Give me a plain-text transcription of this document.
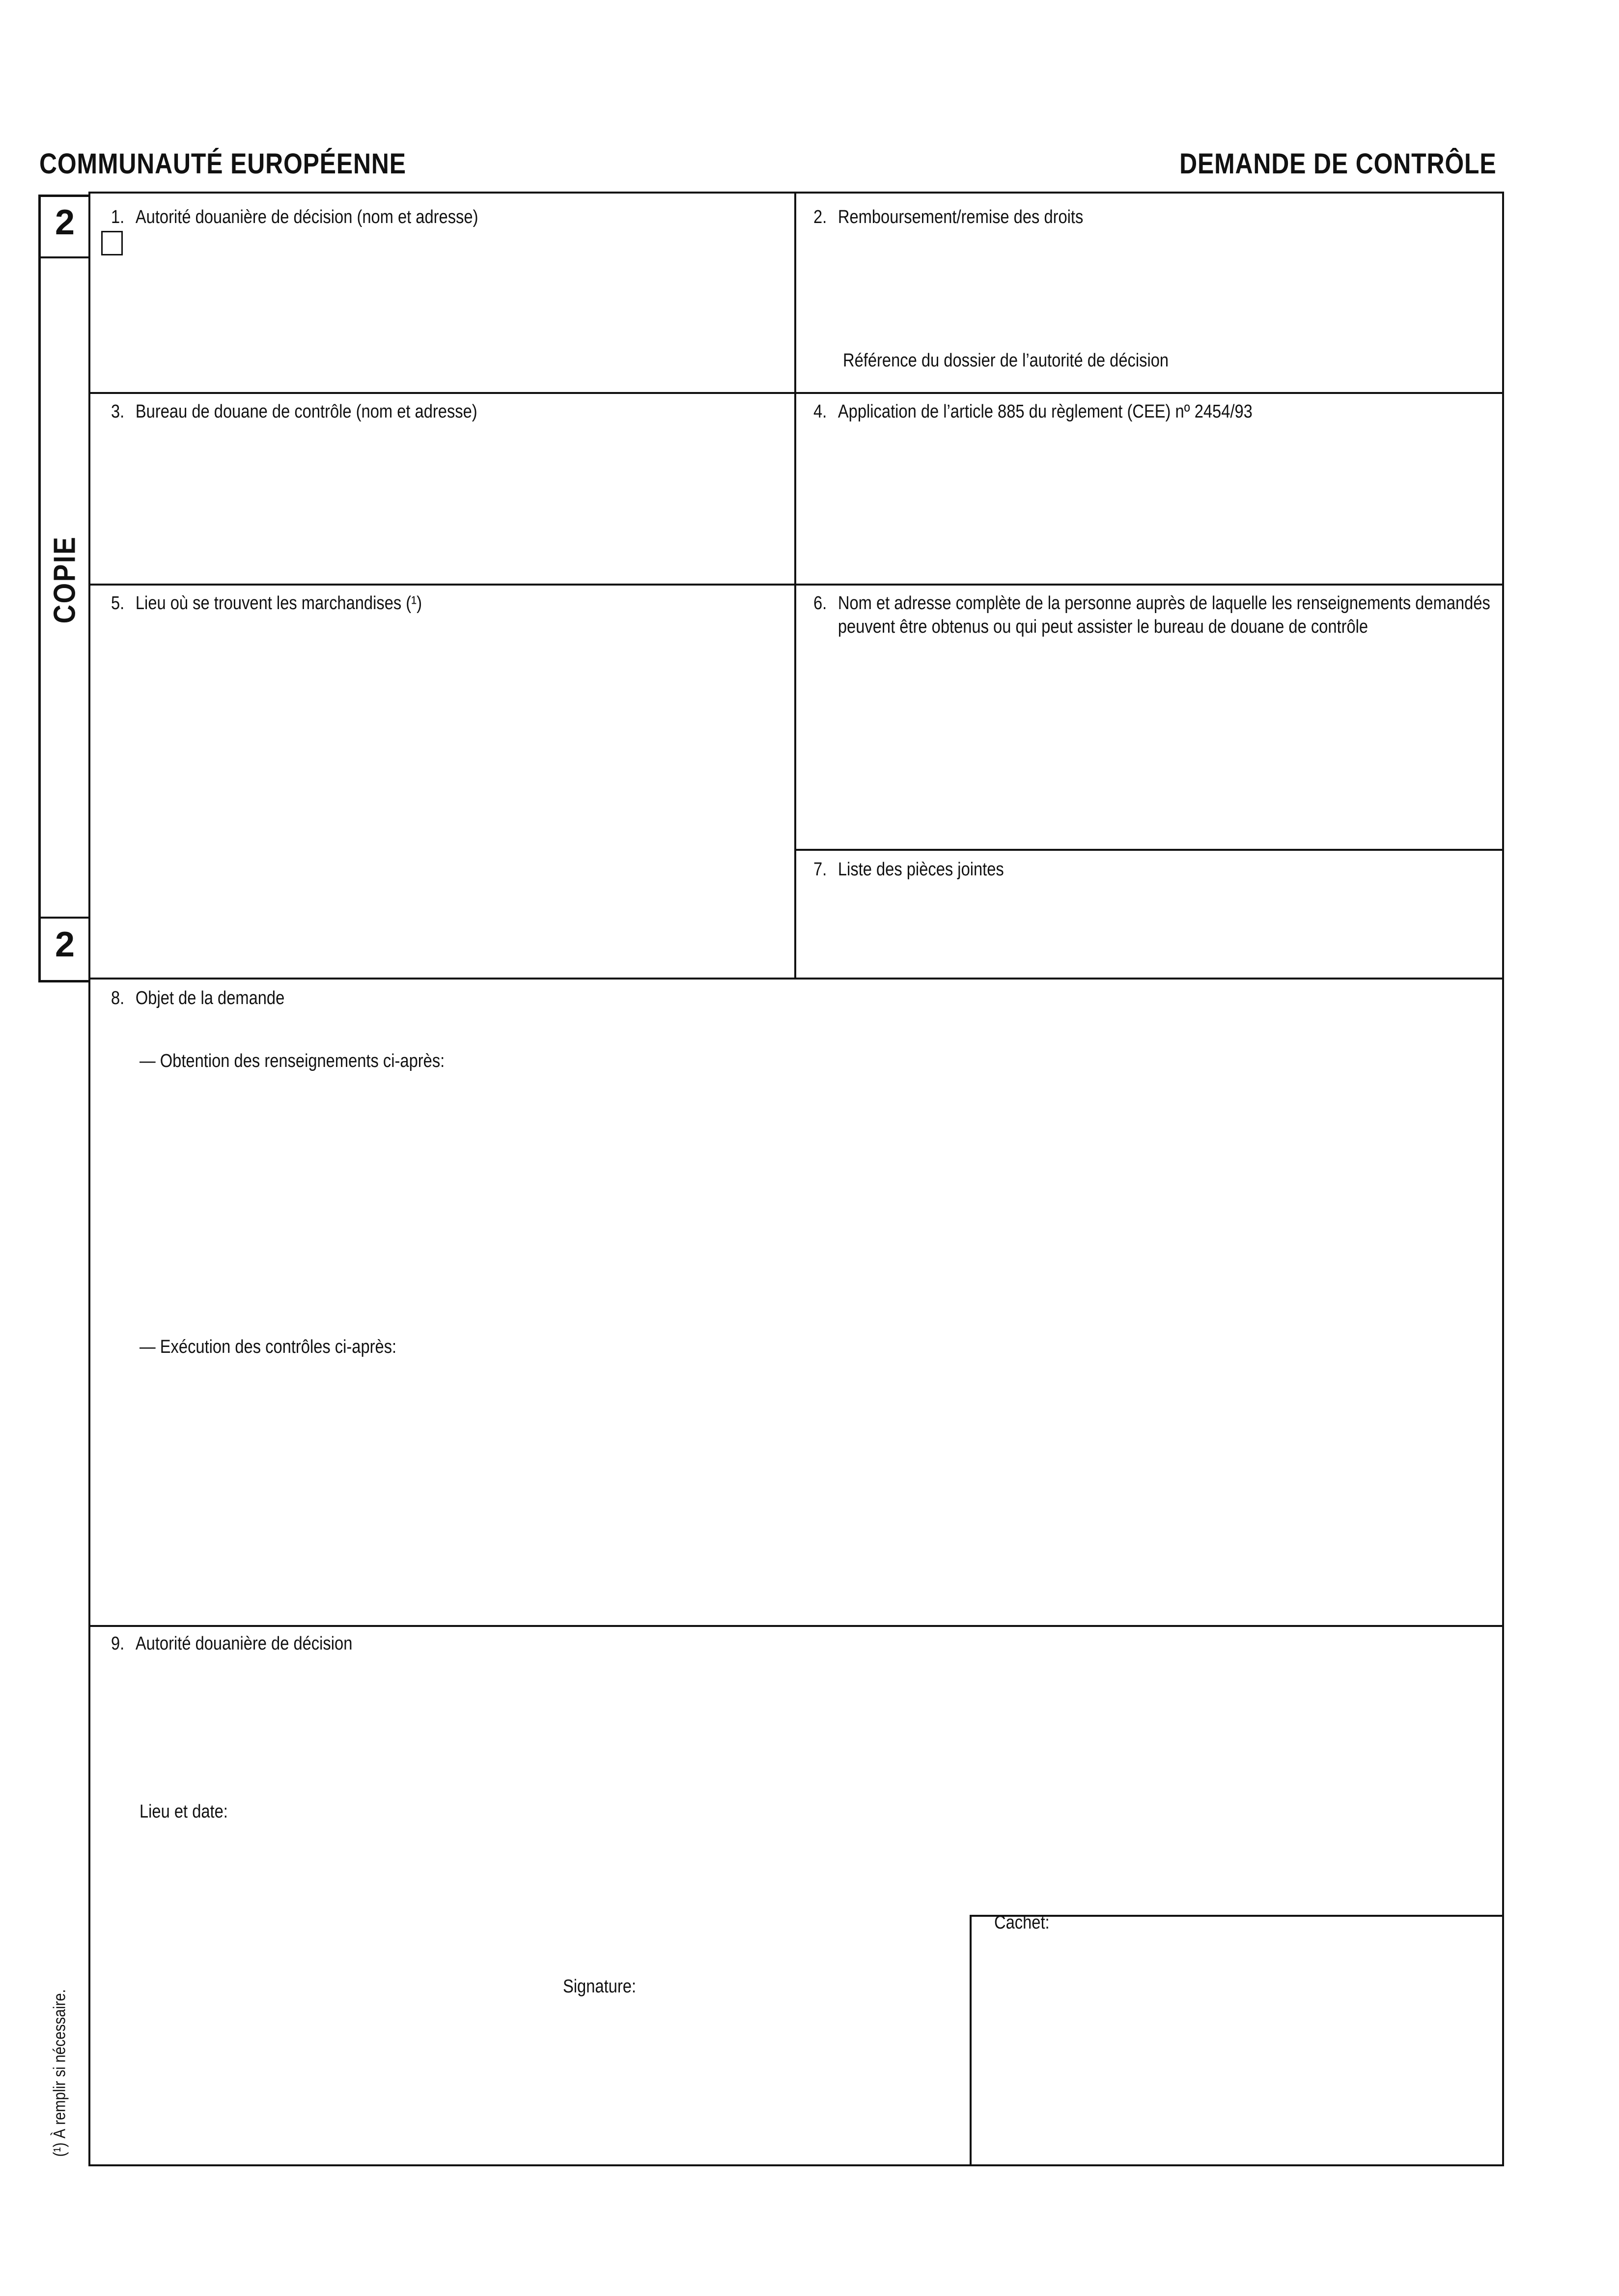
COMMUNAUTÉ EUROPÉENNE	DEMANDE DE CONTRÔLE
2
COPIE
2
1. Autorité douanière de décision (nom et adresse)	2. Remboursement/remise des droits
Référence du dossier de l’autorité de décision
3. Bureau de douane de contrôle (nom et adresse)	4. Application de l’article 885 du règlement (CEE) nº 2454/93
5. Lieu où se trouvent les marchandises (¹)	6. Nom et adresse complète de la personne auprès de laquelle les renseignements demandés peuvent être obtenus ou qui peut assister le bureau de douane de contrôle
7. Liste des pièces jointes
8. Objet de la demande
— Obtention des renseignements ci-après:
— Exécution des contrôles ci-après:
9. Autorité douanière de décision
Lieu et date:
Signature:
Cachet:
(¹) À remplir si nécessaire.
